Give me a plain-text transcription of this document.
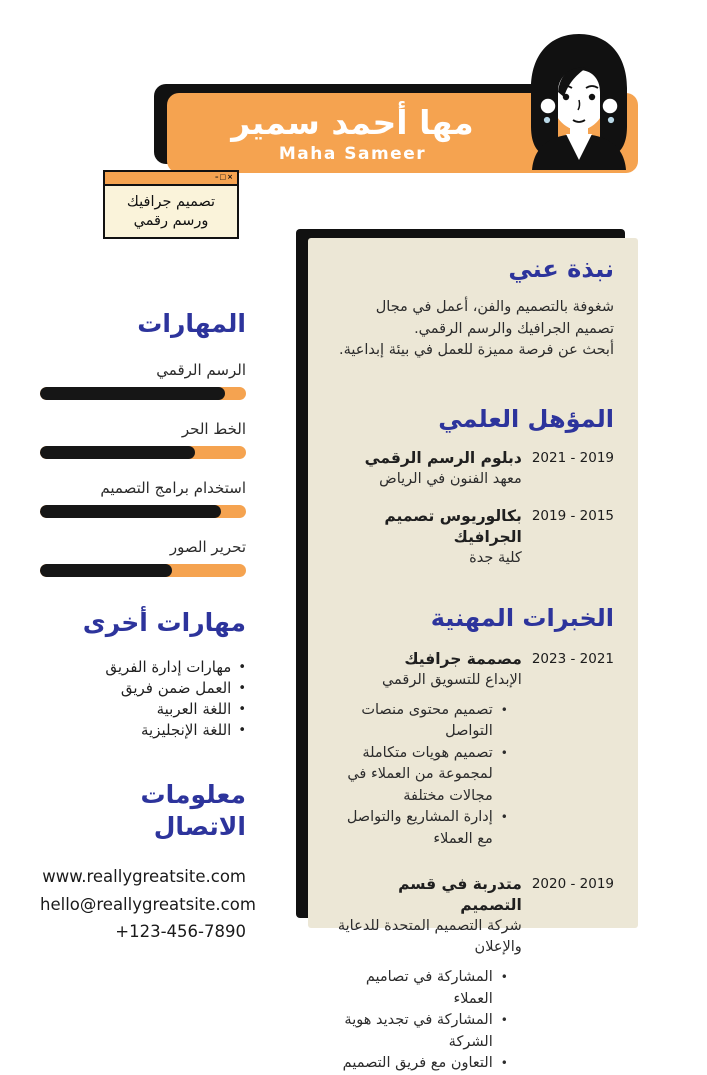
مها أحمد سمير
Maha Sameer
–□×
تصميم جرافيك
ورسم رقمي
المهارات
الرسم الرقمي
الخط الحر
استخدام برامج التصميم
تحرير الصور
مهارات أخرى
•
مهارات إدارة الفريق
•
العمل ضمن فريق
•
اللغة العربية
•
اللغة الإنجليزية
معلومات الاتصال
www.reallygreatsite.com
hello@reallygreatsite.com
+123-456-7890
نبذة عني

شغوفة بالتصميم والفن، أعمل في مجال تصميم الجرافيك والرسم الرقمي.

أبحث عن فرصة مميزة للعمل في بيئة إبداعية.

المؤهل العلمي
2019 - 2021
دبلوم الرسم الرقمي
معهد الفنون في الرياض
2015 - 2019
بكالوريوس تصميم الجرافيك
كلية جدة
الخبرات المهنية
2021 - 2023
مصممة جرافيك
الإبداع للتسويق الرقمي
•
تصميم محتوى منصات التواصل
•
تصميم هويات متكاملة لمجموعة من العملاء في مجالات مختلفة
•
إدارة المشاريع والتواصل مع العملاء
2019 - 2020
متدربة في قسم التصميم
شركة التصميم المتحدة للدعاية والإعلان
•
المشاركة في تصاميم العملاء
•
المشاركة في تجديد هوية الشركة
•
التعاون مع فريق التصميم
